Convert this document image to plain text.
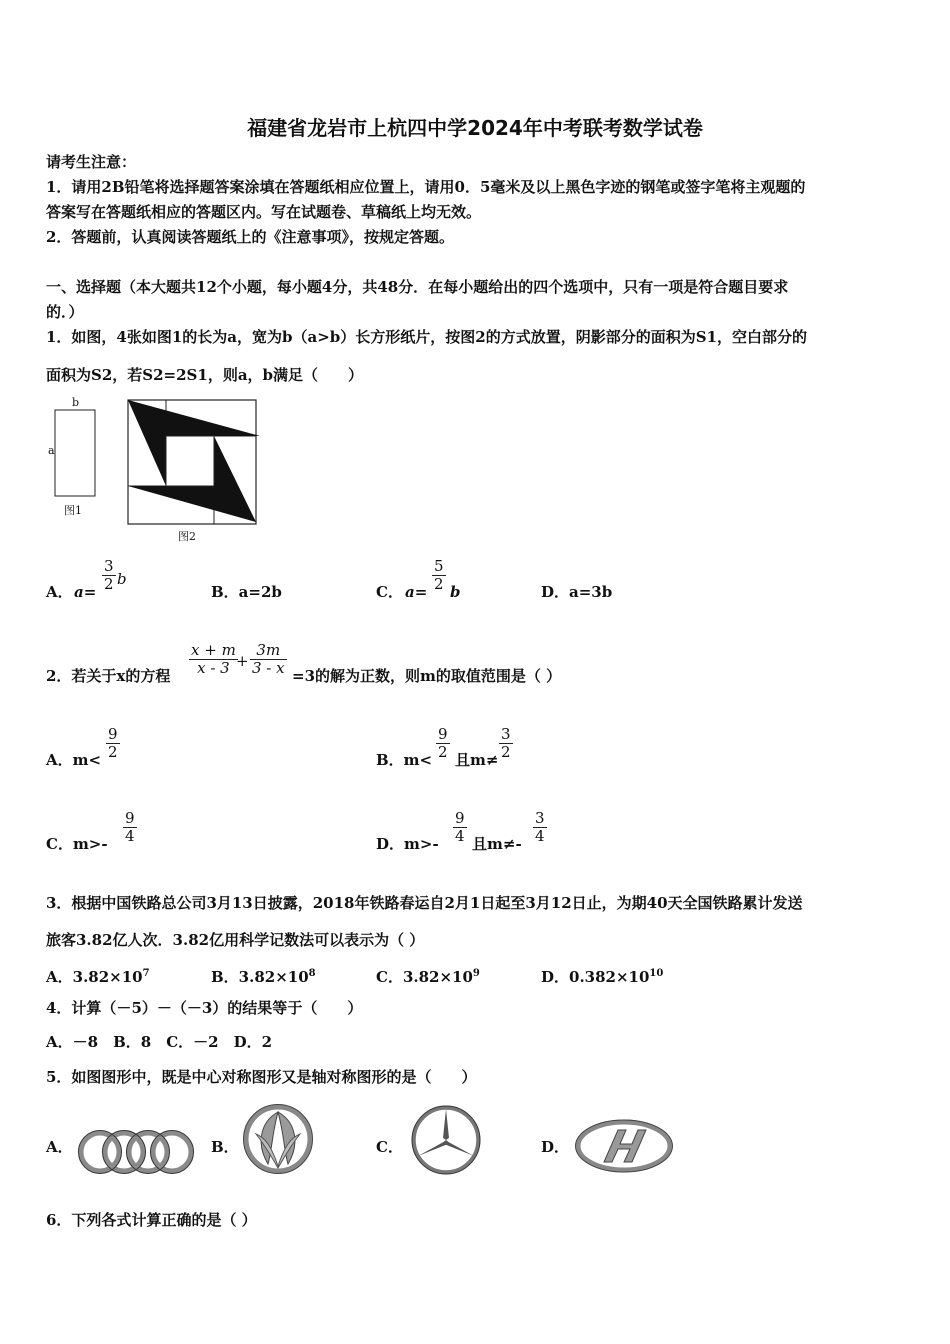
福建省龙岩市上杭四中学2024年中考联考数学试卷
请考生注意：
1．请用2B铅笔将选择题答案涂填在答题纸相应位置上，请用0．5毫米及以上黑色字迹的钢笔或签字笔将主观题的
答案写在答题纸相应的答题区内。写在试题卷、草稿纸上均无效。
2．答题前，认真阅读答题纸上的《注意事项》，按规定答题。
一、选择题（本大题共12个小题，每小题4分，共48分．在每小题给出的四个选项中，只有一项是符合题目要求
的．）
1．如图，4张如图1的长为a，宽为b（a>b）长方形纸片，按图2的方式放置，阴影部分的面积为S1，空白部分的
面积为S2，若S2=2S1，则a，b满足（　　）
b
a
图1
图2
A． a=
3
2 b
B．a=2b	C． a=
5
2 b	D．a=3b
2．若关于x的方程
x + m
x - 3 +
3m
3 - x =3的解为正数，则m的取值范围是（ ）
A．m<
9
2	B．m<
9
2 且m≠
3
2
C．m>-
9
4	D．m>-
9
4 且m≠-
3
4
3．根据中国铁路总公司3月13日披露，2018年铁路春运自2月1日起至3月12日止，为期40天全国铁路累计发送
旅客3.82亿人次．3.82亿用科学记数法可以表示为（ ）
A．$3.82\times 10^7$	B．$3.82\times 10^8$	C．$3.82\times 10^9$	D．$0.382\times 10^{10}$
4．计算（－5）－（－3）的结果等于（　　）
A．－8　B．8　C．－2　D．2
5．如图图形中，既是中心对称图形又是轴对称图形的是（　　）
A．	B．	C．	D．
6．下列各式计算正确的是（ ）
